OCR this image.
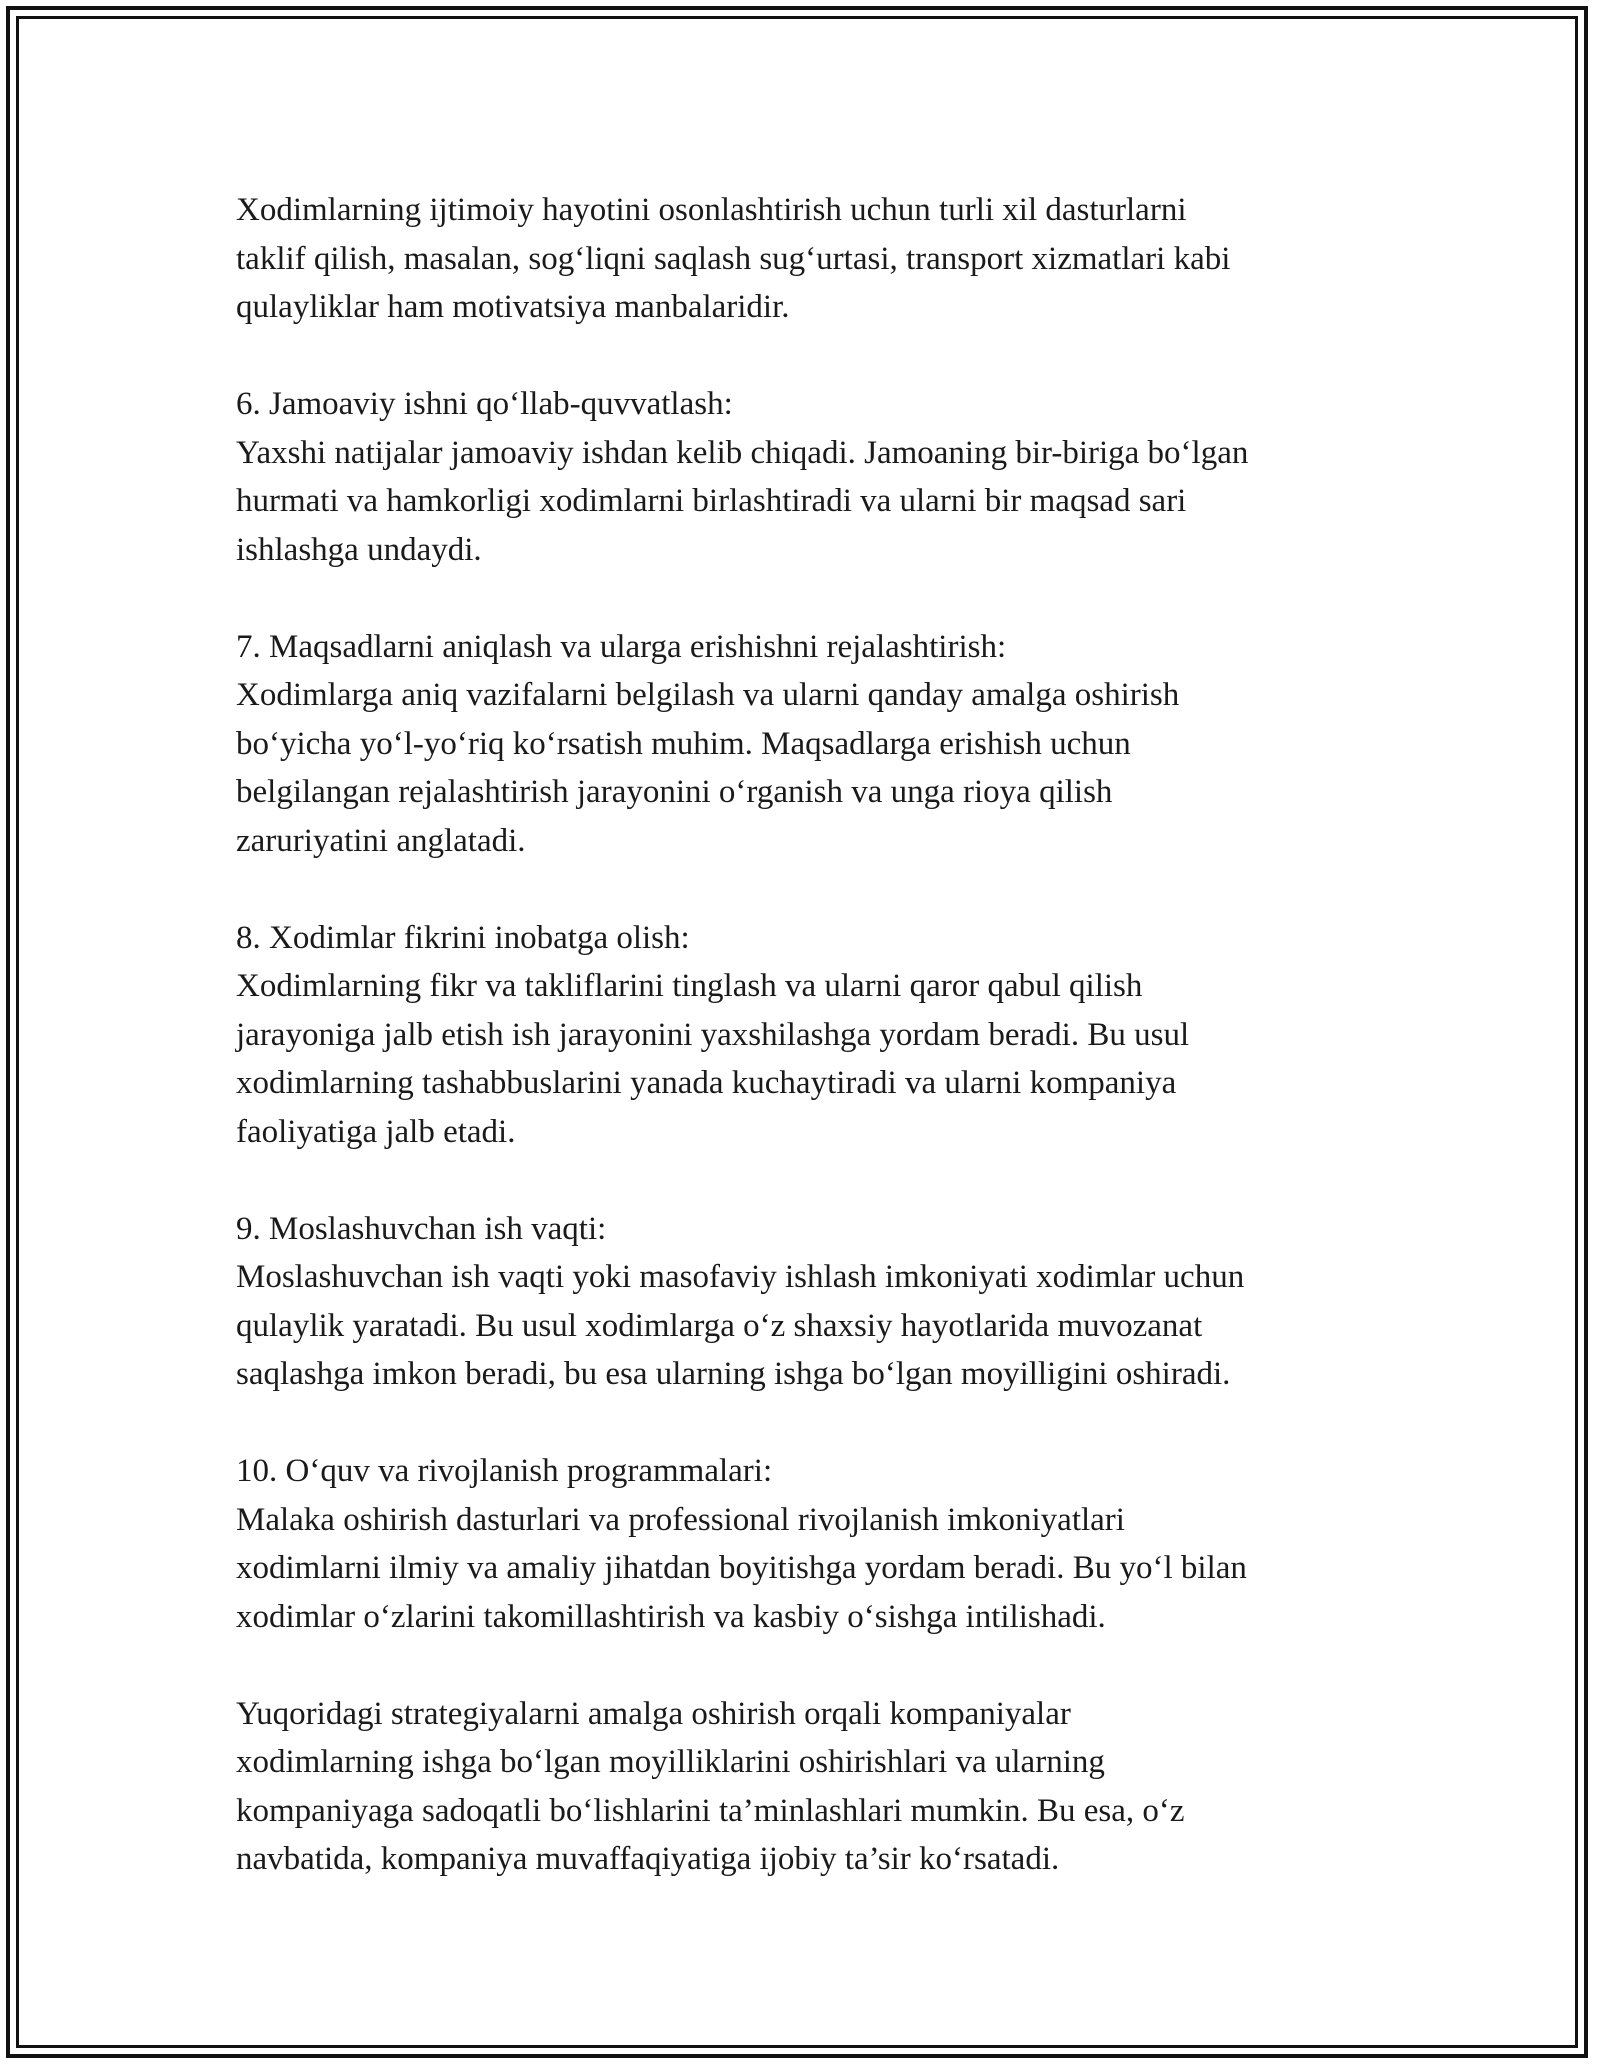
Xodimlarning ijtimoiy hayotini osonlashtirish uchun turli xil dasturlarni
taklif qilish, masalan, sog‘liqni saqlash sug‘urtasi, transport xizmatlari kabi
qulayliklar ham motivatsiya manbalaridir.

6. Jamoaviy ishni qo‘llab-quvvatlash:
Yaxshi natijalar jamoaviy ishdan kelib chiqadi. Jamoaning bir-biriga bo‘lgan
hurmati va hamkorligi xodimlarni birlashtiradi va ularni bir maqsad sari
ishlashga undaydi.

7. Maqsadlarni aniqlash va ularga erishishni rejalashtirish:
Xodimlarga aniq vazifalarni belgilash va ularni qanday amalga oshirish
bo‘yicha yo‘l-yo‘riq ko‘rsatish muhim. Maqsadlarga erishish uchun
belgilangan rejalashtirish jarayonini o‘rganish va unga rioya qilish
zaruriyatini anglatadi.

8. Xodimlar fikrini inobatga olish:
Xodimlarning fikr va takliflarini tinglash va ularni qaror qabul qilish
jarayoniga jalb etish ish jarayonini yaxshilashga yordam beradi. Bu usul
xodimlarning tashabbuslarini yanada kuchaytiradi va ularni kompaniya
faoliyatiga jalb etadi.

9. Moslashuvchan ish vaqti:
Moslashuvchan ish vaqti yoki masofaviy ishlash imkoniyati xodimlar uchun
qulaylik yaratadi. Bu usul xodimlarga o‘z shaxsiy hayotlarida muvozanat
saqlashga imkon beradi, bu esa ularning ishga bo‘lgan moyilligini oshiradi.

10. O‘quv va rivojlanish programmalari:
Malaka oshirish dasturlari va professional rivojlanish imkoniyatlari
xodimlarni ilmiy va amaliy jihatdan boyitishga yordam beradi. Bu yo‘l bilan
xodimlar o‘zlarini takomillashtirish va kasbiy o‘sishga intilishadi.

Yuqoridagi strategiyalarni amalga oshirish orqali kompaniyalar
xodimlarning ishga bo‘lgan moyilliklarini oshirishlari va ularning
kompaniyaga sadoqatli bo‘lishlarini ta’minlashlari mumkin. Bu esa, o‘z
navbatida, kompaniya muvaffaqiyatiga ijobiy ta’sir ko‘rsatadi.
